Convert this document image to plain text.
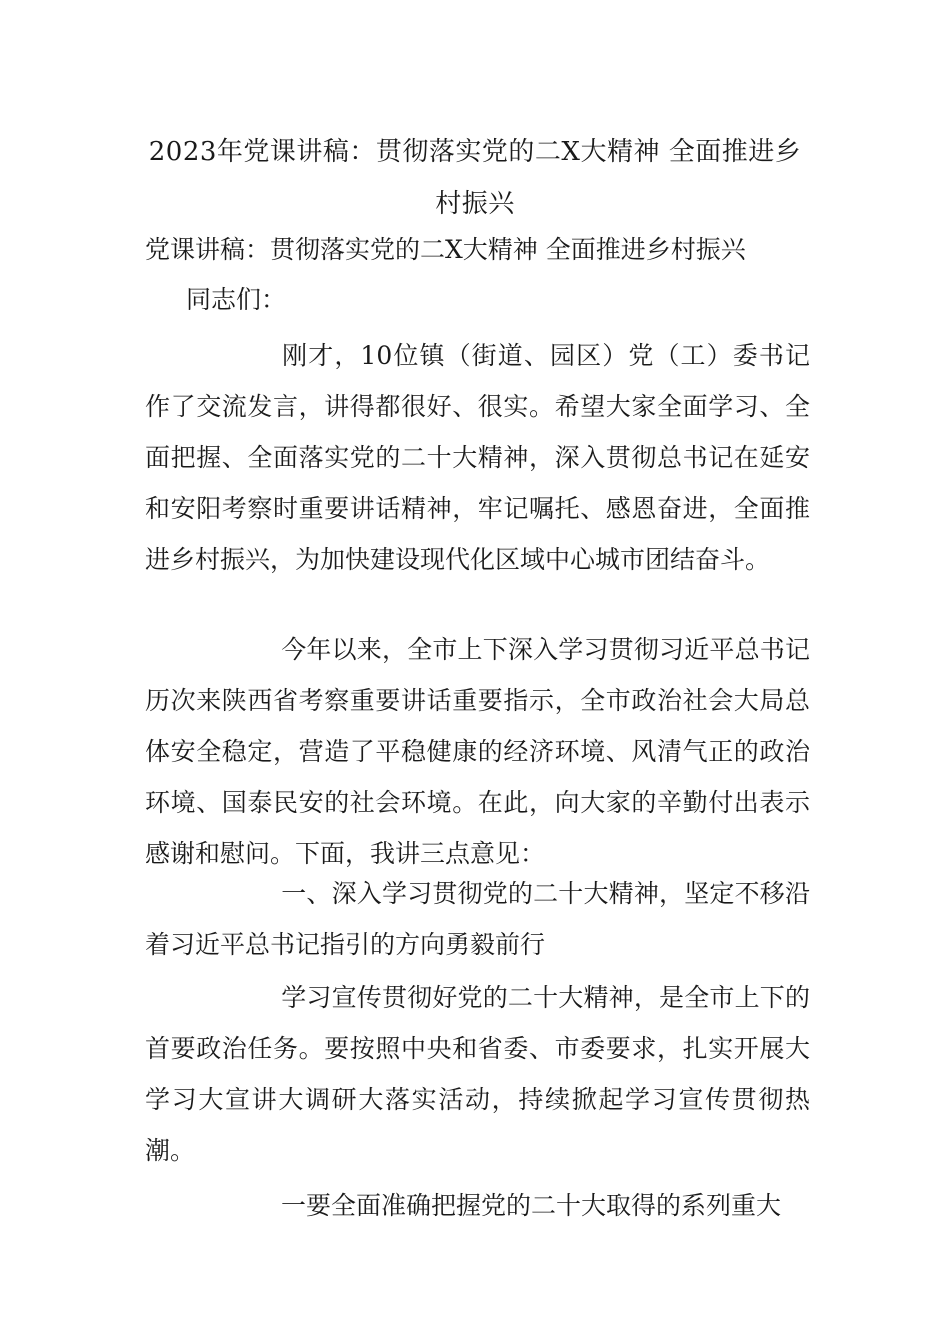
2023年党课讲稿：贯彻落实党的二X大精神 全面推进乡村振兴
党课讲稿：贯彻落实党的二X大精神 全面推进乡村振兴
同志们：
刚才，10位镇（街道、园区）党（工）委书记作了交流发言，讲得都很好、很实。希望大家全面学习、全面把握、全面落实党的二十大精神，深入贯彻总书记在延安和安阳考察时重要讲话精神，牢记嘱托、感恩奋进，全面推进乡村振兴，为加快建设现代化区域中心城市团结奋斗。
今年以来，全市上下深入学习贯彻习近平总书记历次来陕西省考察重要讲话重要指示，全市政治社会大局总体安全稳定，营造了平稳健康的经济环境、风清气正的政治环境、国泰民安的社会环境。在此，向大家的辛勤付出表示感谢和慰问。下面，我讲三点意见：
一、深入学习贯彻党的二十大精神，坚定不移沿着习近平总书记指引的方向勇毅前行
学习宣传贯彻好党的二十大精神，是全市上下的首要政治任务。要按照中央和省委、市委要求，扎实开展大学习大宣讲大调研大落实活动，持续掀起学习宣传贯彻热潮。
一要全面准确把握党的二十大取得的系列重大
